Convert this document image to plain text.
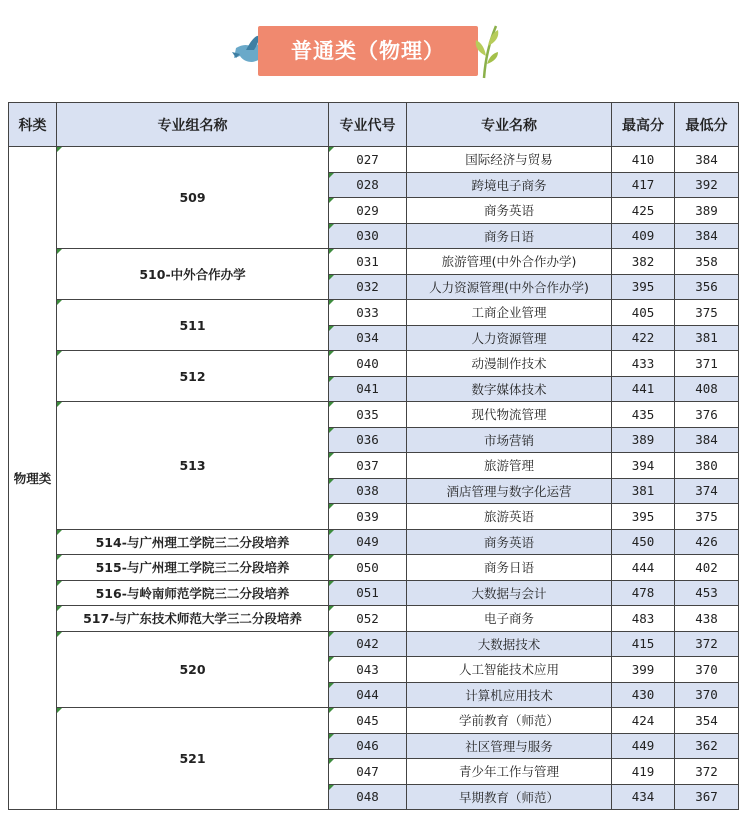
普通类（物理）
科类	专业组名称	专业代号	专业名称	最高分	最低分
物理类	509	027	国际经济与贸易	410	384
		028	跨境电子商务	417	392
		029	商务英语	425	389
		030	商务日语	409	384
	510-中外合作办学	031	旅游管理(中外合作办学)	382	358
		032	人力资源管理(中外合作办学)	395	356
	511	033	工商企业管理	405	375
		034	人力资源管理	422	381
	512	040	动漫制作技术	433	371
		041	数字媒体技术	441	408
	513	035	现代物流管理	435	376
		036	市场营销	389	384
		037	旅游管理	394	380
		038	酒店管理与数字化运营	381	374
		039	旅游英语	395	375
	514-与广州理工学院三二分段培养	049	商务英语	450	426
	515-与广州理工学院三二分段培养	050	商务日语	444	402
	516-与岭南师范学院三二分段培养	051	大数据与会计	478	453
	517-与广东技术师范大学三二分段培养	052	电子商务	483	438
	520	042	大数据技术	415	372
		043	人工智能技术应用	399	370
		044	计算机应用技术	430	370
	521	045	学前教育（师范）	424	354
		046	社区管理与服务	449	362
		047	青少年工作与管理	419	372
		048	早期教育（师范）	434	367
